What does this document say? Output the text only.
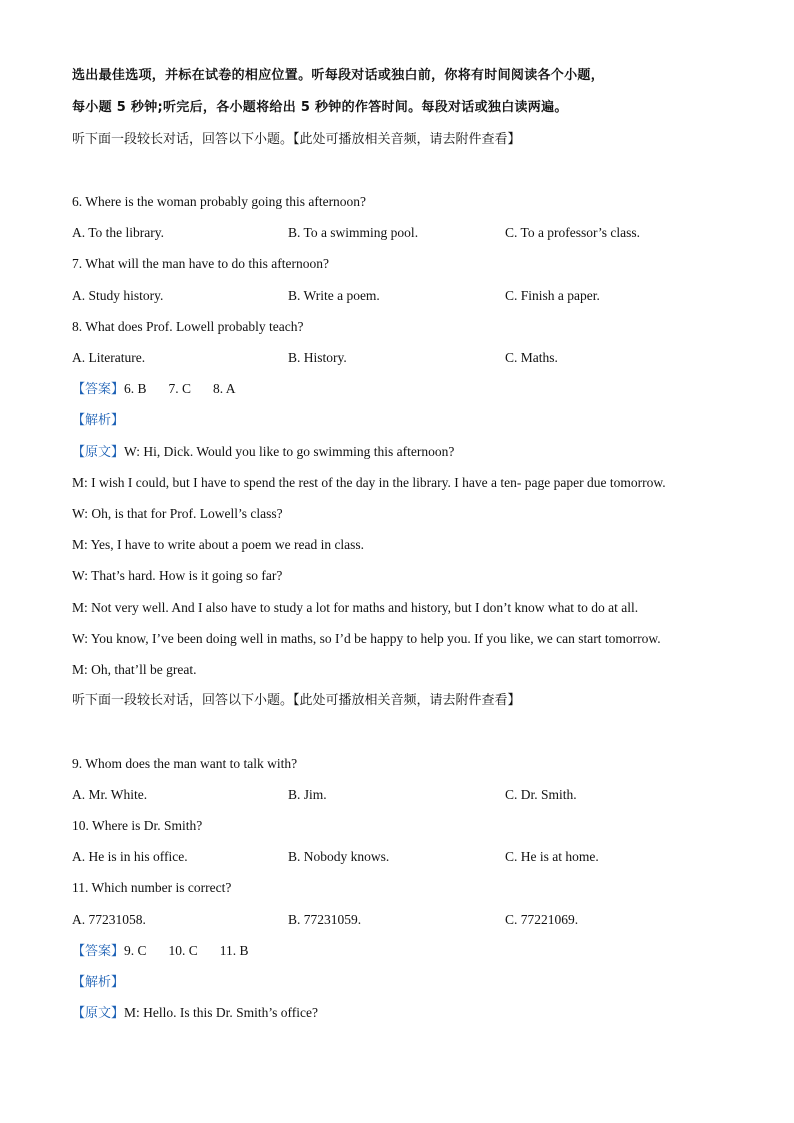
选出最佳选项，并标在试卷的相应位置。听每段对话或独白前，你将有时间阅读各个小题，
每小题 5 秒钟;听完后，各小题将给出 5 秒钟的作答时间。每段对话或独白读两遍。
听下面一段较长对话，回答以下小题。【此处可播放相关音频，请去附件查看】
6. Where is the woman probably going this afternoon?
A. To the library.	B. To a swimming pool.	C. To a professor’s class.
7. What will the man have to do this afternoon?
A. Study history.	B. Write a poem.	C. Finish a paper.
8. What does Prof. Lowell probably teach?
A. Literature.	B. History.	C. Maths.
【答案】6. B 7. C 8. A
【解析】
【原文】W: Hi, Dick. Would you like to go swimming this afternoon?
M: I wish I could, but I have to spend the rest of the day in the library. I have a ten- page paper due tomorrow.
W: Oh, is that for Prof. Lowell’s class?
M: Yes, I have to write about a poem we read in class.
W: That’s hard. How is it going so far?
M: Not very well. And I also have to study a lot for maths and history, but I don’t know what to do at all.
W: You know, I’ve been doing well in maths, so I’d be happy to help you. If you like, we can start tomorrow.
M: Oh, that’ll be great.
听下面一段较长对话，回答以下小题。【此处可播放相关音频，请去附件查看】
9. Whom does the man want to talk with?
A. Mr. White.	B. Jim.	C. Dr. Smith.
10. Where is Dr. Smith?
A. He is in his office.	B. Nobody knows.	C. He is at home.
11. Which number is correct?
A. 77231058.	B. 77231059.	C. 77221069.
【答案】9. C 10. C 11. B
【解析】
【原文】M: Hello. Is this Dr. Smith’s office?
